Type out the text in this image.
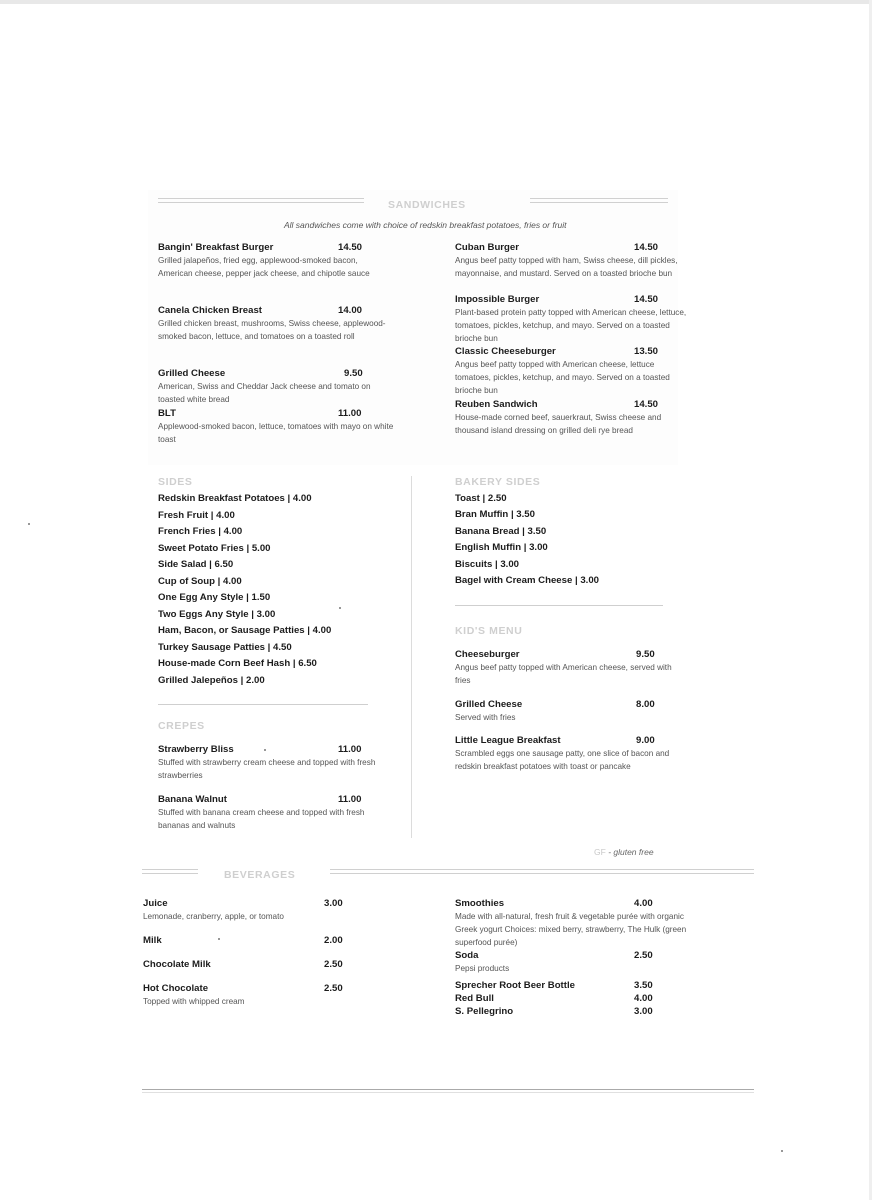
SANDWICHES
All sandwiches come with choice of redskin breakfast potatoes, fries or fruit
Bangin' Breakfast Burger	14.50
Grilled jalapeños, fried egg, applewood-smoked bacon, American cheese, pepper jack cheese, and chipotle sauce
Canela Chicken Breast	14.00
Grilled chicken breast, mushrooms, Swiss cheese, applewood-smoked bacon, lettuce, and tomatoes on a toasted roll
Grilled Cheese	9.50
American, Swiss and Cheddar Jack cheese and tomato on toasted white bread
BLT	11.00
Applewood-smoked bacon, lettuce, tomatoes with mayo on white toast
Cuban Burger	14.50
Angus beef patty topped with ham, Swiss cheese, dill pickles, mayonnaise, and mustard. Served on a toasted brioche bun
Impossible Burger	14.50
Plant-based protein patty topped with American cheese, lettuce, tomatoes, pickles, ketchup, and mayo. Served on a toasted brioche bun
Classic Cheeseburger	13.50
Angus beef patty topped with American cheese, lettuce tomatoes, pickles, ketchup, and mayo. Served on a toasted brioche bun
Reuben Sandwich	14.50
House-made corned beef, sauerkraut, Swiss cheese and thousand island dressing on grilled deli rye bread
SIDES
Redskin Breakfast Potatoes | 4.00
Fresh Fruit | 4.00
French Fries | 4.00
Sweet Potato Fries | 5.00
Side Salad | 6.50
Cup of Soup | 4.00
One Egg Any Style | 1.50
Two Eggs Any Style | 3.00
Ham, Bacon, or Sausage Patties | 4.00
Turkey Sausage Patties | 4.50
House-made Corn Beef Hash | 6.50
Grilled Jalepeños | 2.00
CREPES
Strawberry Bliss	11.00
Stuffed with strawberry cream cheese and topped with fresh strawberries
Banana Walnut	11.00
Stuffed with banana cream cheese and topped with fresh bananas and walnuts
BAKERY SIDES
Toast | 2.50
Bran Muffin | 3.50
Banana Bread | 3.50
English Muffin | 3.00
Biscuits | 3.00
Bagel with Cream Cheese | 3.00
KID'S MENU
Cheeseburger	9.50
Angus beef patty topped with American cheese, served with fries
Grilled Cheese	8.00
Served with fries
Little League Breakfast	9.00
Scrambled eggs one sausage patty, one slice of bacon and redskin breakfast potatoes with toast or pancake
GF - gluten free
BEVERAGES
Juice	3.00
Lemonade, cranberry, apple, or tomato
Milk	2.00
Chocolate Milk	2.50
Hot Chocolate	2.50
Topped with whipped cream
Smoothies	4.00
Made with all-natural, fresh fruit & vegetable purée with organic Greek yogurt Choices: mixed berry, strawberry, The Hulk (green superfood purée)
Soda	2.50
Pepsi products
Sprecher Root Beer Bottle	3.50
Red Bull	4.00
S. Pellegrino	3.00
